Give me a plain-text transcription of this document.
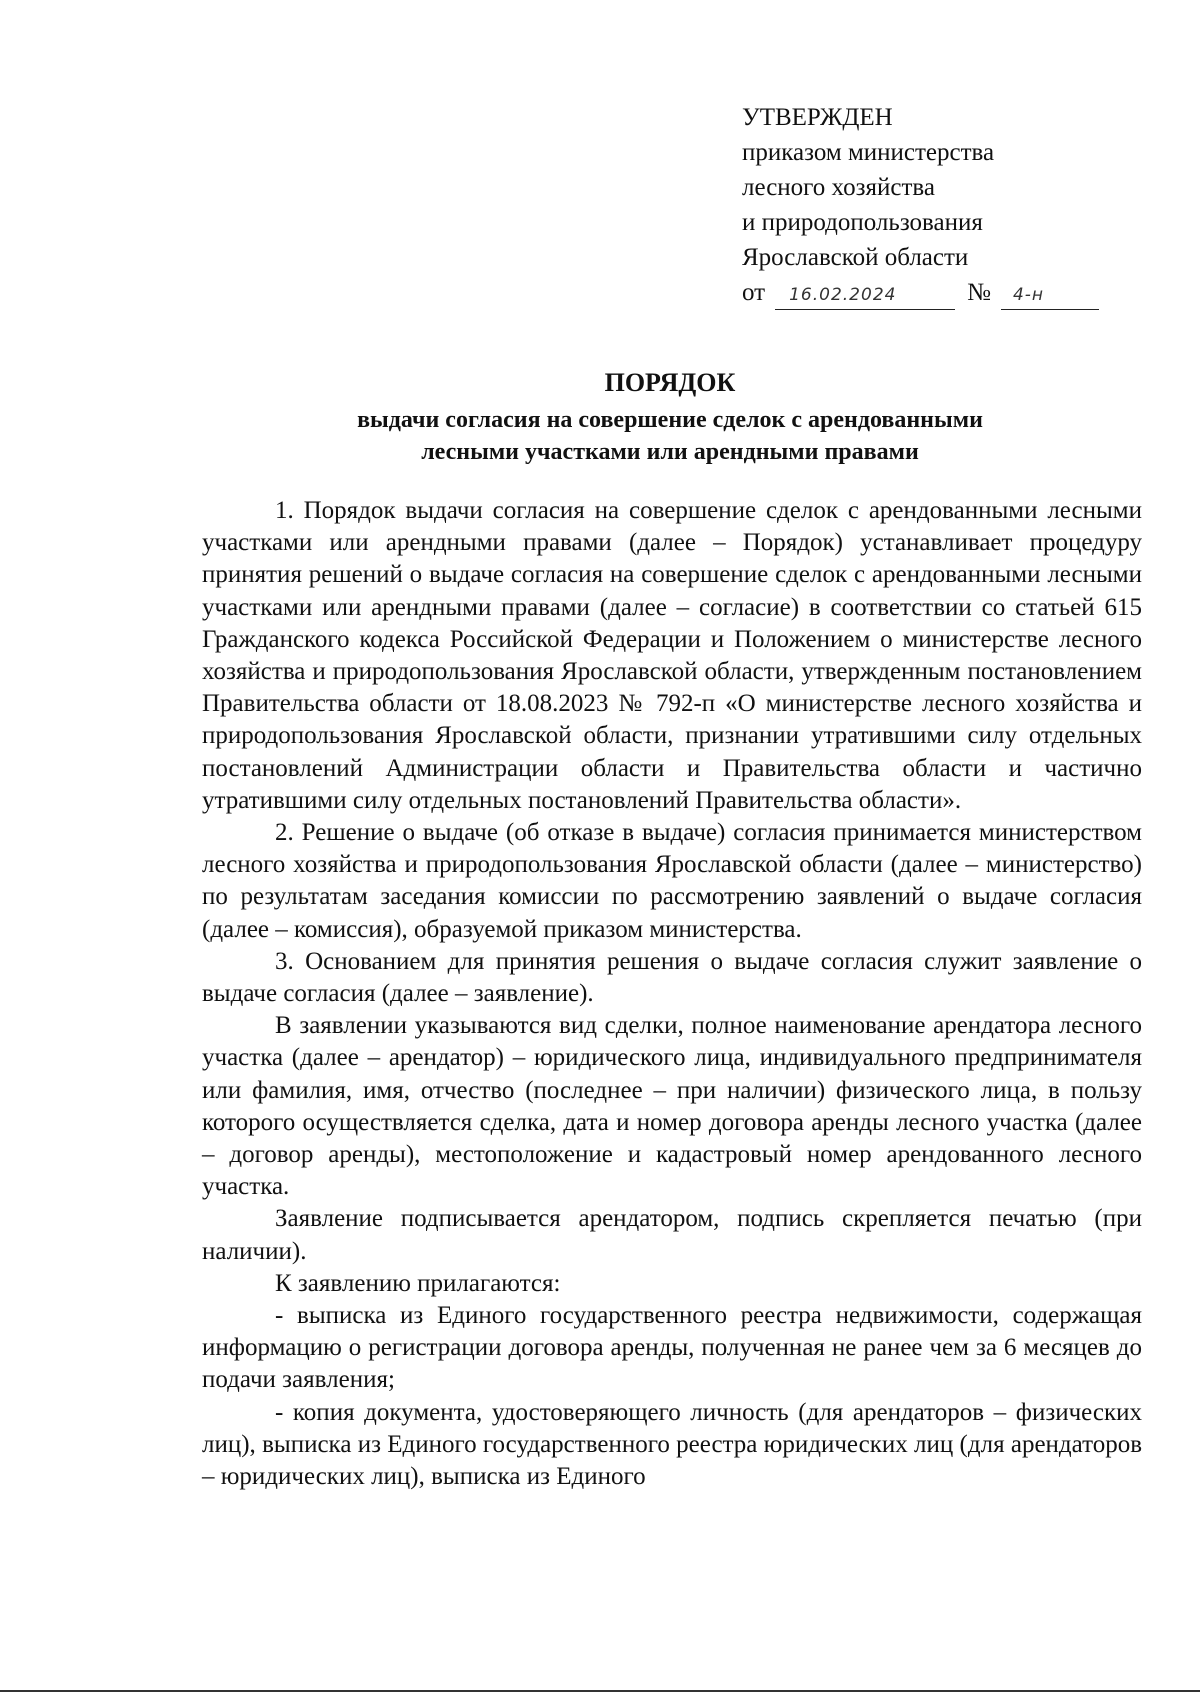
УТВЕРЖДЕН
приказом министерства
лесного хозяйства
и природопользования
Ярославской области
от 16.02.2024	№ 4-н
ПОРЯДОК
выдачи согласия на совершение сделок с арендованными
лесными участками или арендными правами

1. Порядок выдачи согласия на совершение сделок с арендованными лесными участками или арендными правами (далее – Порядок) устанавливает процедуру принятия решений о выдаче согласия на совершение сделок с арендованными лесными участками или арендными правами (далее – согласие) в соответствии со статьей 615 Гражданского кодекса Российской Федерации и Положением о министерстве лесного хозяйства и природопользования Ярославской области, утвержденным постановлением Правительства области от 18.08.2023 № 792-п «О министерстве лесного хозяйства и природопользования Ярославской области, признании утратившими силу отдельных постановлений Администрации области и Правительства области и частично утратившими силу отдельных постановлений Правительства области».

2. Решение о выдаче (об отказе в выдаче) согласия принимается министерством лесного хозяйства и природопользования Ярославской области (далее – министерство) по результатам заседания комиссии по рассмотрению заявлений о выдаче согласия (далее – комиссия), образуемой приказом министерства.

3. Основанием для принятия решения о выдаче согласия служит заявление о выдаче согласия (далее – заявление).

В заявлении указываются вид сделки, полное наименование арендатора лесного участка (далее – арендатор) – юридического лица, индивидуального предпринимателя или фамилия, имя, отчество (последнее – при наличии) физического лица, в пользу которого осуществляется сделка, дата и номер договора аренды лесного участка (далее – договор аренды), местоположение и кадастровый номер арендованного лесного участка.

Заявление подписывается арендатором, подпись скрепляется печатью (при наличии).

К заявлению прилагаются:

- выписка из Единого государственного реестра недвижимости, содержащая информацию о регистрации договора аренды, полученная не ранее чем за 6 месяцев до подачи заявления;

- копия документа, удостоверяющего личность (для арендаторов – физических лиц), выписка из Единого государственного реестра юридических лиц (для арендаторов – юридических лиц), выписка из Единого
